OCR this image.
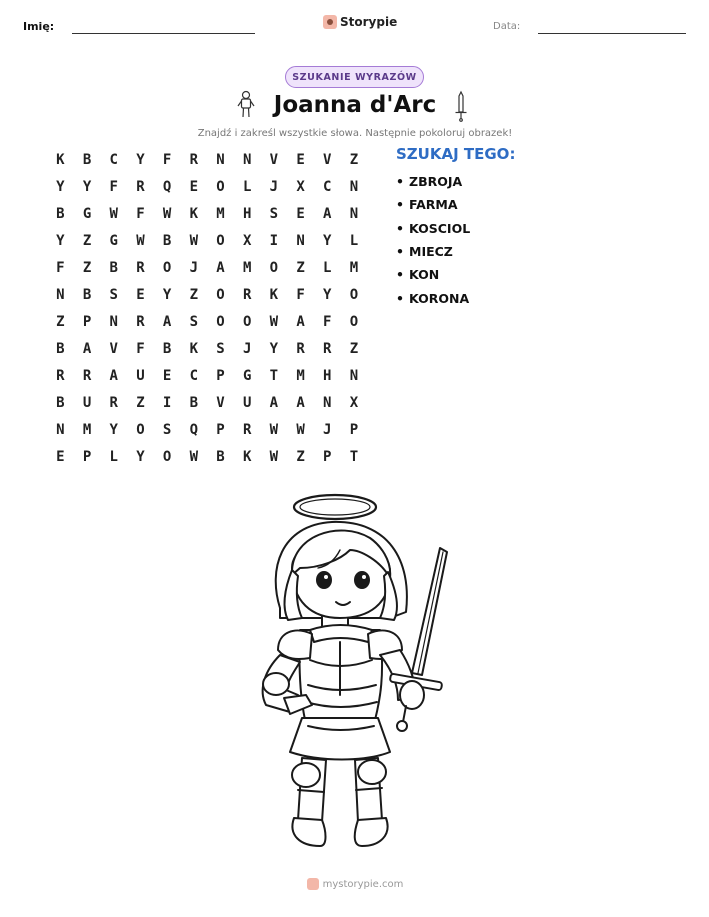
Imię:	Storypie	Data:
SZUKANIE WYRAZÓW
Joanna d'Arc
Znajdź i zakreśl wszystkie słowa. Następnie pokoloruj obrazek!
K	B	C	Y	F	R	N	N	V	E	V	Z
Y	Y	F	R	Q	E	O	L	J	X	C	N
B	G	W	F	W	K	M	H	S	E	A	N
Y	Z	G	W	B	W	O	X	I	N	Y	L
F	Z	B	R	O	J	A	M	O	Z	L	M
N	B	S	E	Y	Z	O	R	K	F	Y	O
Z	P	N	R	A	S	O	O	W	A	F	O
B	A	V	F	B	K	S	J	Y	R	R	Z
R	R	A	U	E	C	P	G	T	M	H	N
B	U	R	Z	I	B	V	U	A	A	N	X
N	M	Y	O	S	Q	P	R	W	W	J	P
E	P	L	Y	O	W	B	K	W	Z	P	T
SZUKAJ TEGO:
• ZBROJA
• FARMA
• KOSCIOL
• MIECZ
• KON
• KORONA
mystorypie.com
